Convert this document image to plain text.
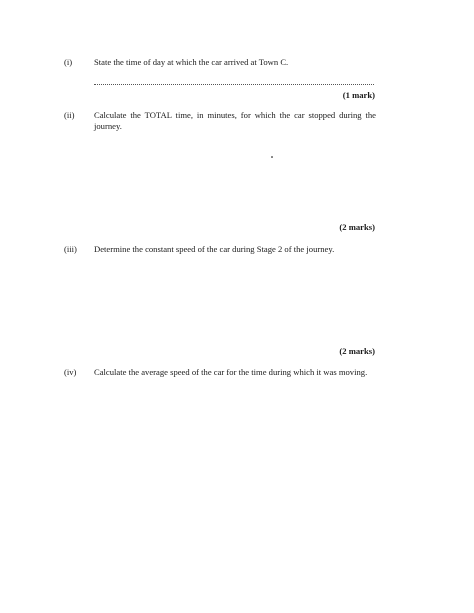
(i)	State the time of day at which the car arrived at Town C.
(1 mark)
(ii) Calculate the TOTAL time, in minutes, for which the car stopped during the journey.
(2 marks)
(iii) Determine the constant speed of the car during Stage 2 of the journey.
(2 marks)
(iv) Calculate the average speed of the car for the time during which it was moving.
